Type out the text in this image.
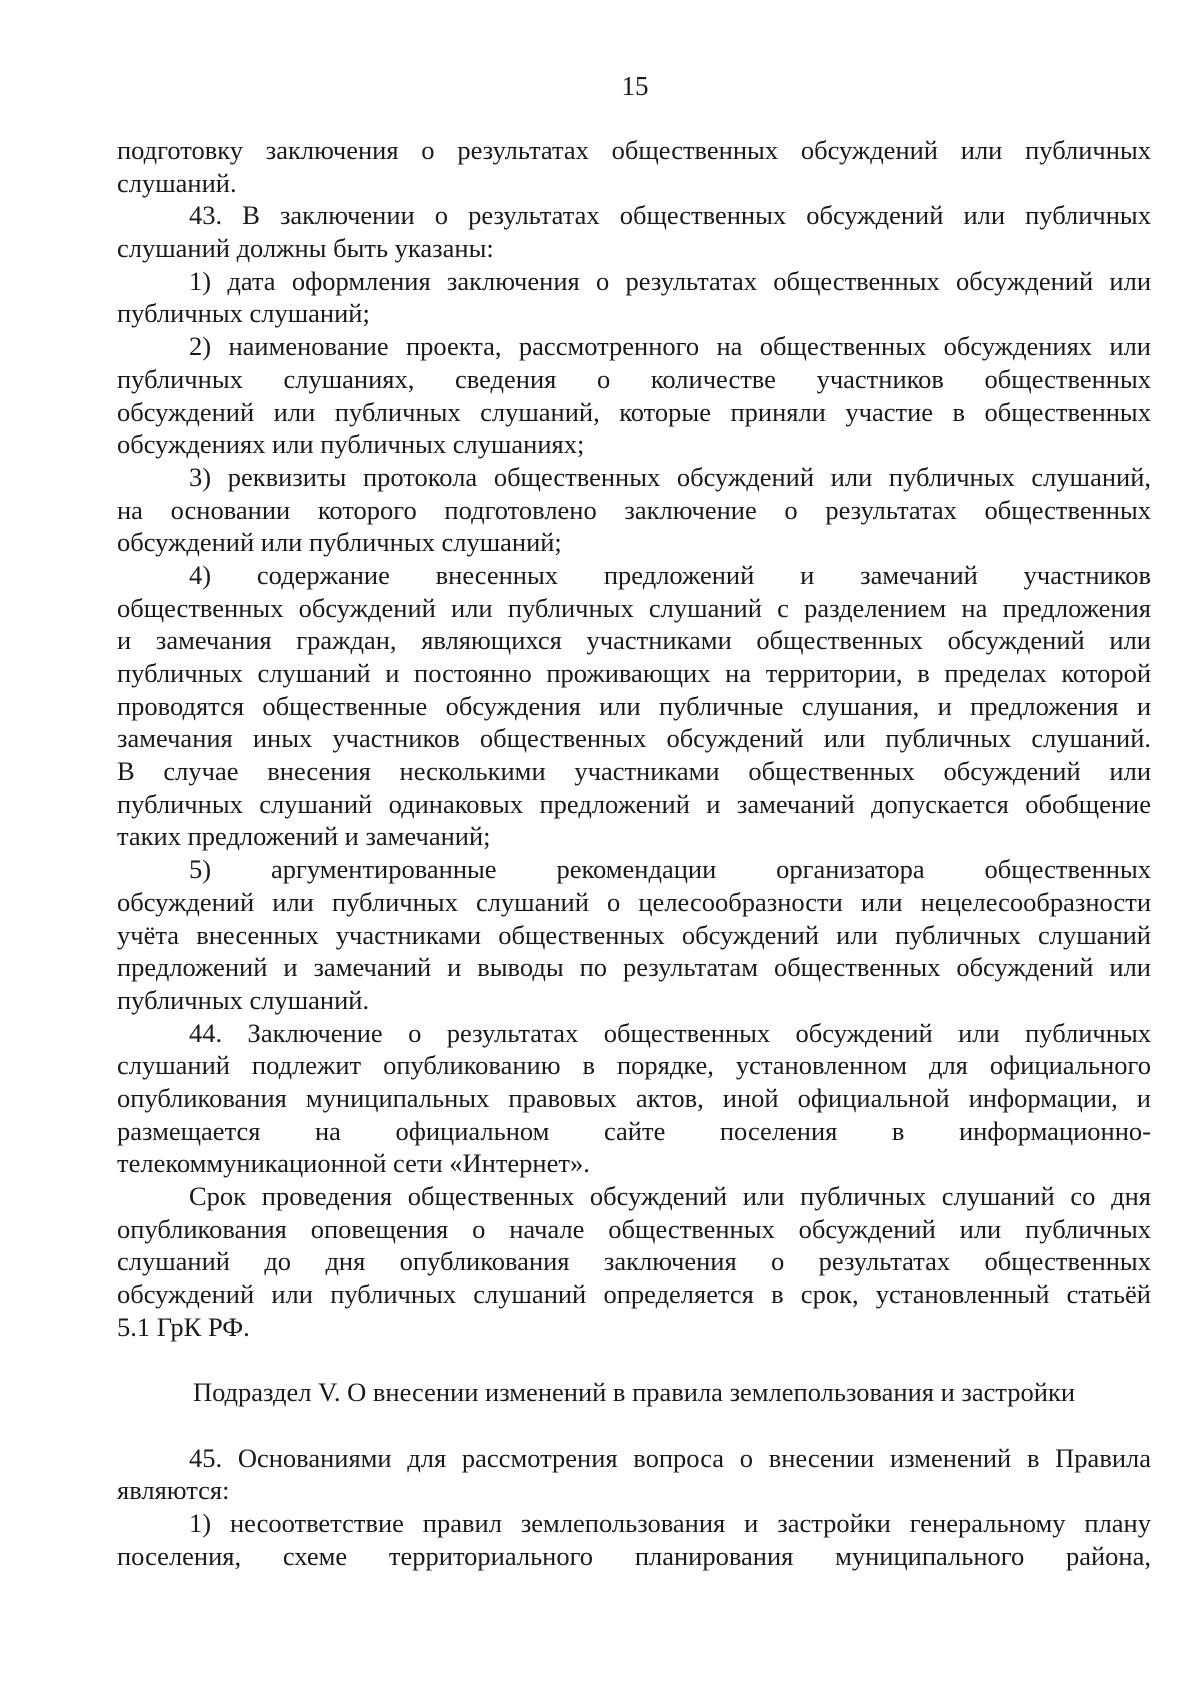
15
подготовку заключения о результатах общественных обсуждений или публичных
слушаний.
43. В заключении о результатах общественных обсуждений или публичных
слушаний должны быть указаны:
1) дата оформления заключения о результатах общественных обсуждений или
публичных слушаний;
2) наименование проекта, рассмотренного на общественных обсуждениях или
публичных слушаниях, сведения о количестве участников общественных
обсуждений или публичных слушаний, которые приняли участие в общественных
обсуждениях или публичных слушаниях;
3) реквизиты протокола общественных обсуждений или публичных слушаний,
на основании которого подготовлено заключение о результатах общественных
обсуждений или публичных слушаний;
4) содержание внесенных предложений и замечаний участников
общественных обсуждений или публичных слушаний с разделением на предложения
и замечания граждан, являющихся участниками общественных обсуждений или
публичных слушаний и постоянно проживающих на территории, в пределах которой
проводятся общественные обсуждения или публичные слушания, и предложения и
замечания иных участников общественных обсуждений или публичных слушаний.
В случае внесения несколькими участниками общественных обсуждений или
публичных слушаний одинаковых предложений и замечаний допускается обобщение
таких предложений и замечаний;
5) аргументированные рекомендации организатора общественных
обсуждений или публичных слушаний о целесообразности или нецелесообразности
учёта внесенных участниками общественных обсуждений или публичных слушаний
предложений и замечаний и выводы по результатам общественных обсуждений или
публичных слушаний.
44. Заключение о результатах общественных обсуждений или публичных
слушаний подлежит опубликованию в порядке, установленном для официального
опубликования муниципальных правовых актов, иной официальной информации, и
размещается на официальном сайте поселения в информационно-
телекоммуникационной сети «Интернет».
Срок проведения общественных обсуждений или публичных слушаний со дня
опубликования оповещения о начале общественных обсуждений или публичных
слушаний до дня опубликования заключения о результатах общественных
обсуждений или публичных слушаний определяется в срок, установленный статьёй
5.1 ГрК РФ.
Подраздел V. О внесении изменений в правила землепользования и застройки
45. Основаниями для рассмотрения вопроса о внесении изменений в Правила
являются:
1) несоответствие правил землепользования и застройки генеральному плану
поселения, схеме территориального планирования муниципального района,
